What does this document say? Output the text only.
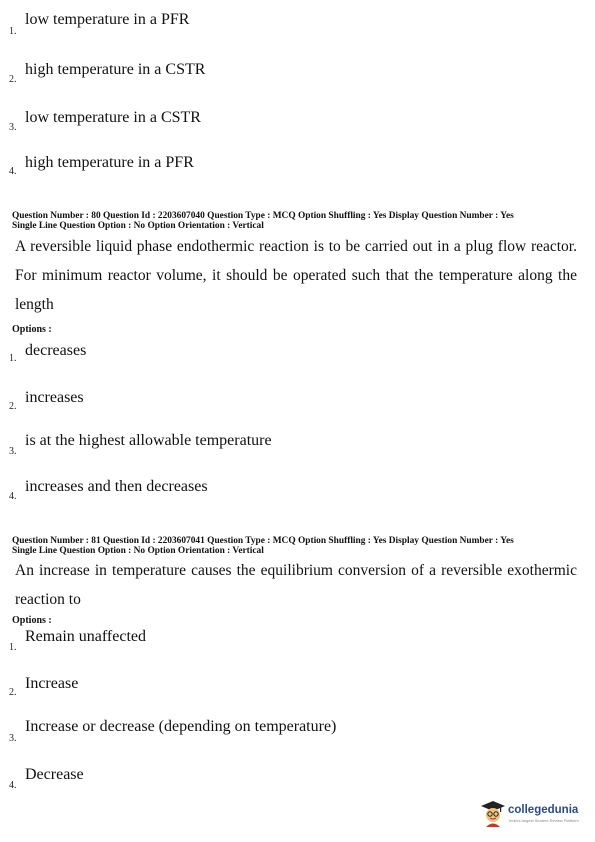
1.
low temperature in a PFR
2.
high temperature in a CSTR
3.
low temperature in a CSTR
4.
high temperature in a PFR
Question Number : 80 Question Id : 2203607040 Question Type : MCQ Option Shuffling : Yes Display Question Number : Yes
Single Line Question Option : No Option Orientation : Vertical
A reversible liquid phase endothermic reaction is to be carried out in a plug flow reactor. For minimum reactor volume, it should be operated such that the temperature along the length
Options :
1. decreases
2.
increases
3.
is at the highest allowable temperature
4.
increases and then decreases
Question Number : 81 Question Id : 2203607041 Question Type : MCQ Option Shuffling : Yes Display Question Number : Yes
Single Line Question Option : No Option Orientation : Vertical
An increase in temperature causes the equilibrium conversion of a reversible exothermic reaction to
Options :
1.
Remain unaffected
2.
Increase
3.
Increase or decrease (depending on temperature)
4.
Decrease
collegedunia
India's largest Student Review Platform
